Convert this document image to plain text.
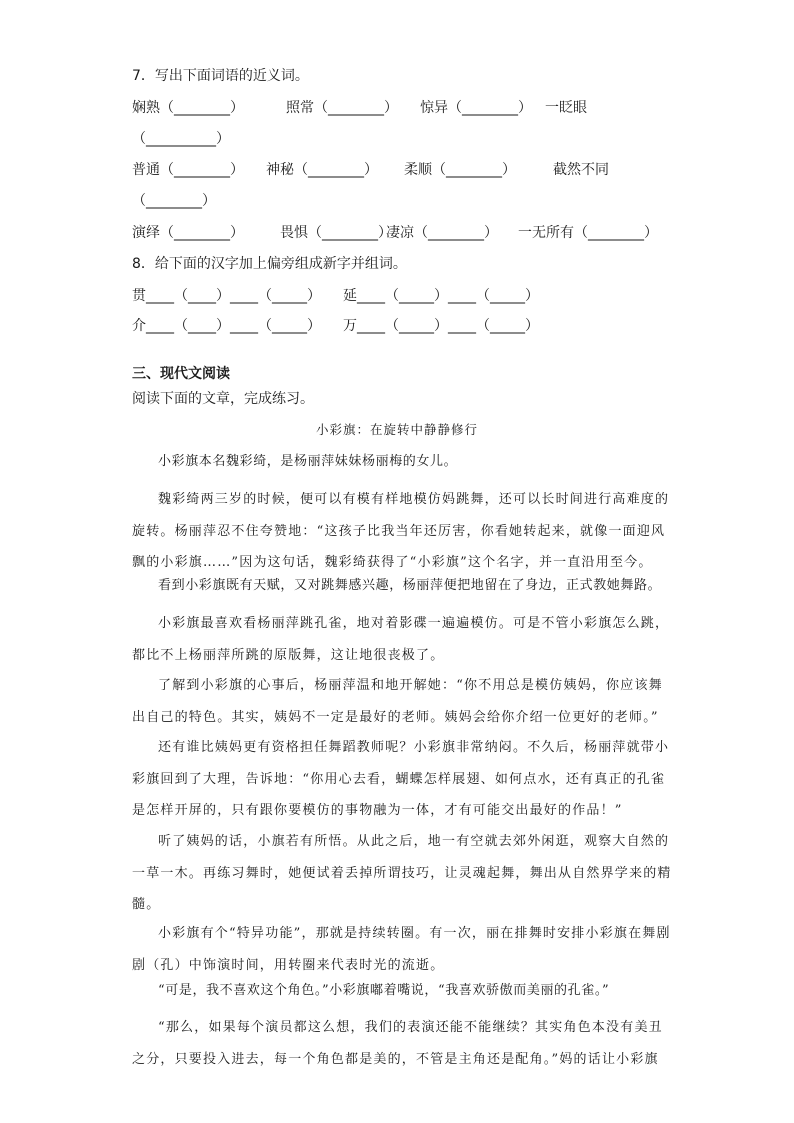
7．写出下面词语的近义词。
娴熟（________）	照常（________） 惊异（________） 一眨眼
（__________）
普通（________） 神秘（________） 柔顺（________）	截然不同
（________）
演绎（________）	畏惧（________）
凄凉（________） 一无所有（________）
8．给下面的汉字加上偏旁组成新字并组词。
贯____（____）____（_____） 延____（_____）____（_____）
介____（____）____（_____） 万____（_____）____（_____）
三、现代文阅读
阅读下面的文章，完成练习。
小彩旗：在旋转中静静修行

小彩旗本名魏彩绮，是杨丽萍妹妹杨丽梅的女儿。

魏彩绮两三岁的时候，便可以有模有样地模仿妈跳舞，还可以长时间进行高难度的旋转。杨丽萍忍不住夸赞地：“这孩子比我当年还厉害，你看她转起来，就像一面迎风飘的小彩旗……”因为这句话，魏彩绮获得了“小彩旗”这个名字，并一直沿用至今。

看到小彩旗既有天赋，又对跳舞感兴趣，杨丽萍便把地留在了身边，正式教她舞路。

小彩旗最喜欢看杨丽萍跳孔雀，地对着影碟一遍遍模仿。可是不管小彩旗怎么跳，都比不上杨丽萍所跳的原版舞，这让地很丧极了。

了解到小彩旗的心事后，杨丽萍温和地开解她：“你不用总是模仿姨妈，你应该舞出自己的特色。其实，姨妈不一定是最好的老师。姨妈会给你介绍一位更好的老师。”

还有谁比姨妈更有资格担任舞蹈教师呢？小彩旗非常纳闷。不久后，杨丽萍就带小彩旗回到了大理，告诉地：“你用心去看，蝴蝶怎样展翅、如何点水，还有真正的孔雀是怎样开屏的，只有跟你要模仿的事物融为一体，才有可能交出最好的作品！”

听了姨妈的话，小旗若有所悟。从此之后，地一有空就去郊外闲逛，观察大自然的一草一木。再练习舞时，她便试着丢掉所谓技巧，让灵魂起舞，舞出从自然界学来的精髓。

小彩旗有个“特异功能”，那就是持续转圈。有一次，丽在排舞时安排小彩旗在舞剧剧（孔）中饰演时间，用转圈来代表时光的流逝。

“可是，我不喜欢这个角色。”小彩旗嘟着嘴说，“我喜欢骄傲而美丽的孔雀。”

“那么，如果每个演员都这么想，我们的表演还能不能继续？其实角色本没有美丑之分，只要投入进去，每一个角色都是美的，不管是主角还是配角。”妈的话让小彩旗
